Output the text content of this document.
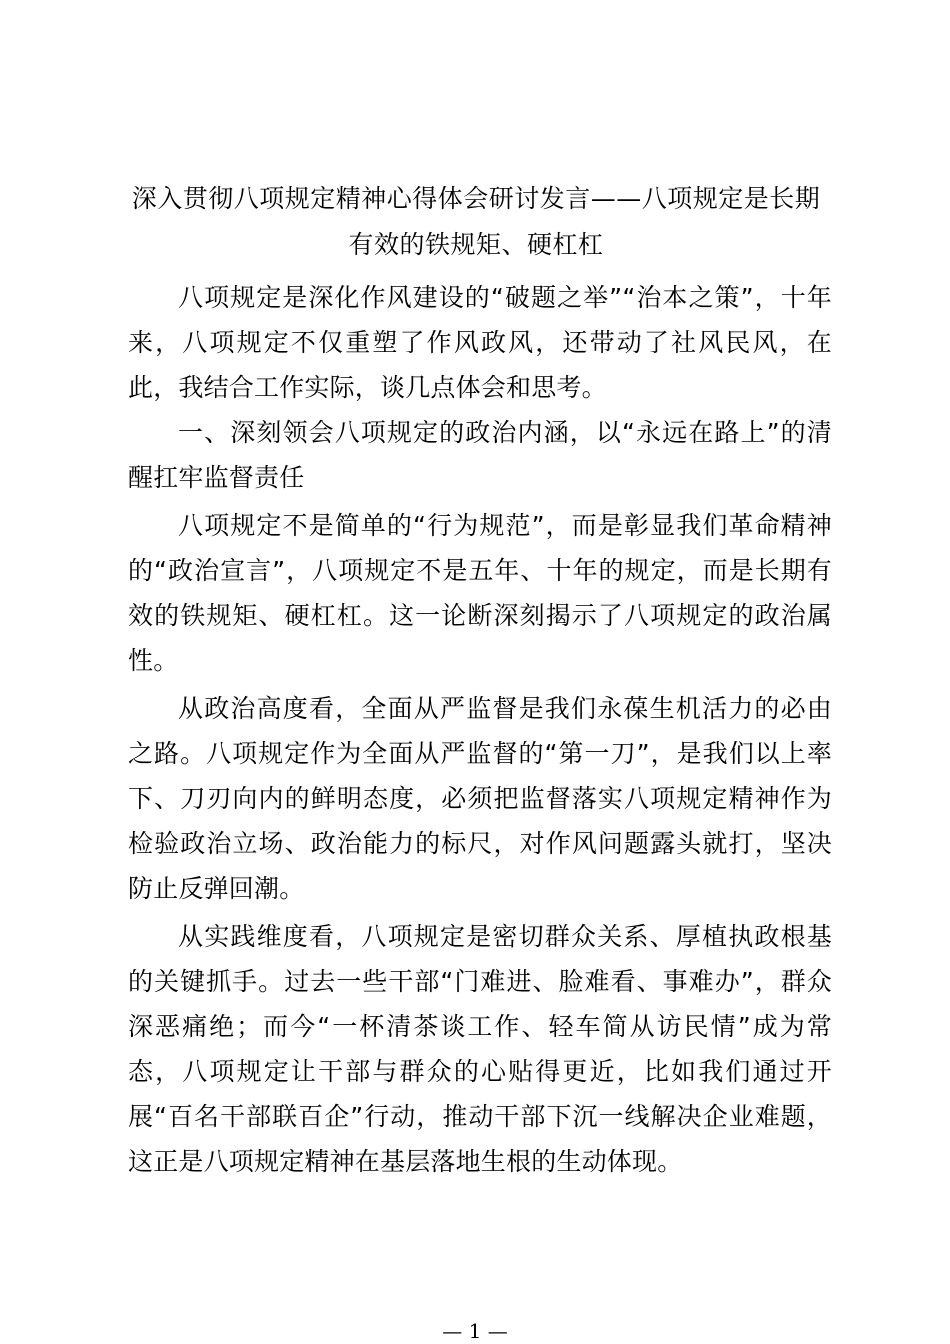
深入贯彻八项规定精神心得体会研讨发言——八项规定是长期有效的铁规矩、硬杠杠

八项规定是深化作风建设的“破题之举”“治本之策”，十年来，八项规定不仅重塑了作风政风，还带动了社风民风，在此，我结合工作实际，谈几点体会和思考。

一、深刻领会八项规定的政治内涵，以“永远在路上”的清醒扛牢监督责任

八项规定不是简单的“行为规范”，而是彰显我们革命精神的“政治宣言”，八项规定不是五年、十年的规定，而是长期有效的铁规矩、硬杠杠。这一论断深刻揭示了八项规定的政治属性。

从政治高度看，全面从严监督是我们永葆生机活力的必由之路。八项规定作为全面从严监督的“第一刀”，是我们以上率下、刀刃向内的鲜明态度，必须把监督落实八项规定精神作为检验政治立场、政治能力的标尺，对作风问题露头就打，坚决防止反弹回潮。

从实践维度看，八项规定是密切群众关系、厚植执政根基的关键抓手。过去一些干部“门难进、脸难看、事难办”，群众深恶痛绝；而今“一杯清茶谈工作、轻车简从访民情”成为常态，八项规定让干部与群众的心贴得更近，比如我们通过开展“百名干部联百企”行动，推动干部下沉一线解决企业难题，这正是八项规定精神在基层落地生根的生动体现。

— 1 —
